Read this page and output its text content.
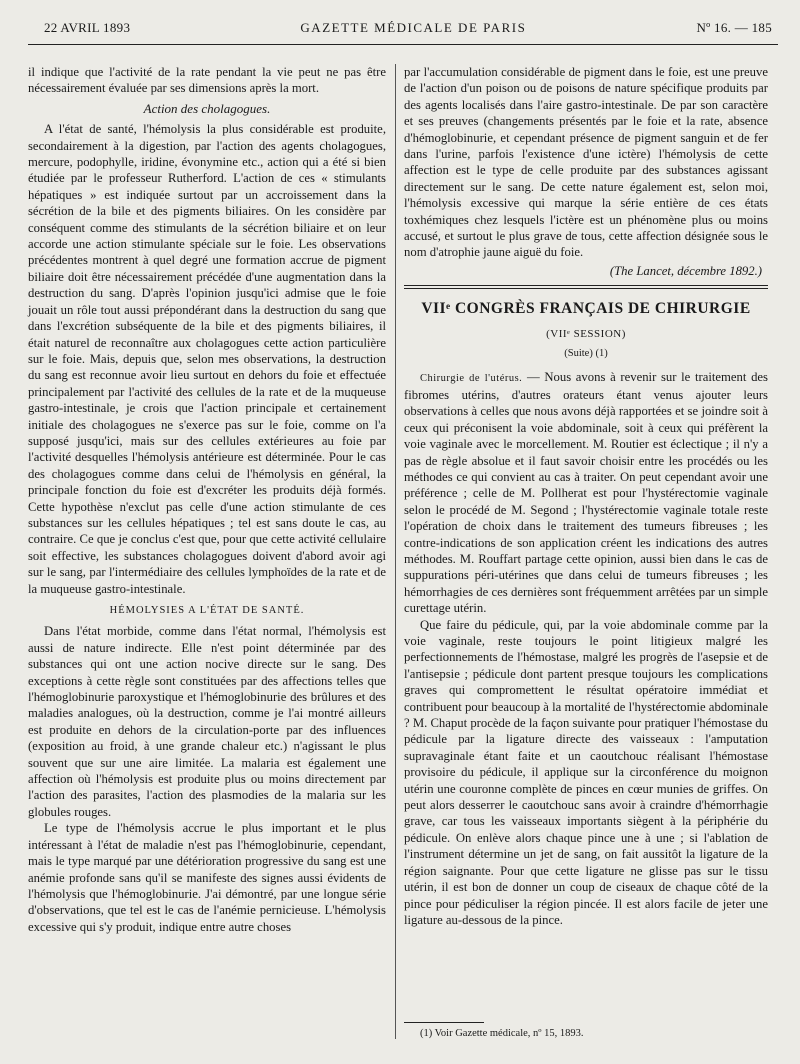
22 AVRIL 1893	GAZETTE MÉDICALE DE PARIS	Nº 16. — 185

il indique que l'activité de la rate pendant la vie peut ne pas être nécessairement évaluée par ses dimensions après la mort.

Action des cholagogues.

A l'état de santé, l'hémolysis la plus considérable est produite, secondairement à la digestion, par l'action des agents cholagogues, mercure, podophylle, iridine, évonymine etc., action qui a été si bien étudiée par le professeur Rutherford. L'action de ces « stimulants hépatiques » est indiquée surtout par un accroissement dans la sécrétion de la bile et des pigments biliaires. On les considère par conséquent comme des stimulants de la sécrétion biliaire et on leur accorde une action stimulante spéciale sur le foie. Les observations précédentes montrent à quel degré une formation accrue de pigment biliaire doit être nécessairement précédée d'une augmentation dans la destruction du sang. D'après l'opinion jusqu'ici admise que le foie jouait un rôle tout aussi prépondérant dans la destruction du sang que dans l'excrétion subséquente de la bile et des pigments biliaires, il était naturel de reconnaître aux cholagogues cette action particulière sur le foie. Mais, depuis que, selon mes observations, la destruction du sang est reconnue avoir lieu surtout en dehors du foie et effectuée principalement par l'activité des cellules de la rate et de la muqueuse gastro-intestinale, je crois que l'action principale et certainement initiale des cholagogues ne s'exerce pas sur le foie, comme on l'a supposé jusqu'ici, mais sur des cellules extérieures au foie par l'activité desquelles l'hémolysis antérieure est déterminée. Pour le cas des cholagogues comme dans celui de l'hémolysis en général, la principale fonction du foie est d'excréter les produits déjà formés. Cette hypothèse n'exclut pas celle d'une action stimulante de ces substances sur les cellules hépatiques ; tel est sans doute le cas, au contraire. Ce que je conclus c'est que, pour que cette activité cellulaire soit effective, les substances cholagogues doivent d'abord avoir agi sur le sang, par l'intermédiaire des cellules lymphoïdes de la rate et de la muqueuse gastro-intestinale.

HÉMOLYSIES A L'ÉTAT DE SANTÉ.

Dans l'état morbide, comme dans l'état normal, l'hémolysis est aussi de nature indirecte. Elle n'est point déterminée par des substances qui ont une action nocive directe sur le sang. Des exceptions à cette règle sont constituées par des affections telles que l'hémoglobinurie paroxystique et l'hémoglobinurie des brûlures et des maladies analogues, où la destruction, comme je l'ai montré ailleurs est produite en dehors de la circulation-porte par des influences (exposition au froid, à une grande chaleur etc.) n'agissant le plus souvent que sur une aire limitée. La malaria est également une affection où l'hémolysis est produite plus ou moins directement par l'action des parasites, l'action des plasmodies de la malaria sur les globules rouges.

Le type de l'hémolysis accrue le plus important et le plus intéressant à l'état de maladie n'est pas l'hémoglobinurie, cependant, mais le type marqué par une détérioration progressive du sang est une anémie profonde sans qu'il se manifeste des signes aussi évidents de l'hémolysis que l'hémoglobinurie. J'ai démontré, par une longue série d'observations, que tel est le cas de l'anémie pernicieuse. L'hémolysis excessive qui s'y produit, indique entre autre choses

par l'accumulation considérable de pigment dans le foie, est une preuve de l'action d'un poison ou de poisons de nature spécifique produits par des agents localisés dans l'aire gastro-intestinale. De par son caractère et ses preuves (changements présentés par le foie et la rate, absence d'hémoglobinurie, et cependant présence de pigment sanguin et de fer dans l'urine, parfois l'existence d'une ictère) l'hémolysis de cette affection est le type de celle produite par des substances agissant directement sur le sang. De cette nature également est, selon moi, l'hémolysis excessive qui marque la série entière de ces états toxhémiques chez lesquels l'ictère est un phénomène plus ou moins accusé, et surtout le plus grave de tous, cette affection désignée sous le nom d'atrophie jaune aiguë du foie.

(The Lancet, décembre 1892.)
VIIᵉ CONGRÈS FRANÇAIS DE CHIRURGIE
(VIIᵉ SESSION)
(Suite) (1)

Chirurgie de l'utérus. — Nous avons à revenir sur le traitement des fibromes utérins, d'autres orateurs étant venus ajouter leurs observations à celles que nous avons déjà rapportées et se joindre soit à ceux qui préconisent la voie abdominale, soit à ceux qui préfèrent la voie vaginale avec le morcellement. M. Routier est éclectique ; il n'y a pas de règle absolue et il faut savoir choisir entre les procédés ou les méthodes ce qui convient au cas à traiter. On peut cependant avoir une préférence ; celle de M. Pollherat est pour l'hystérectomie vaginale selon le procédé de M. Segond ; l'hystérectomie vaginale totale reste l'opération de choix dans le traitement des tumeurs fibreuses ; les contre-indications de son application créent les indications des autres méthodes. M. Rouffart partage cette opinion, aussi bien dans le cas de suppurations péri-utérines que dans celui de tumeurs fibreuses ; les hémorrhagies de ces dernières sont fréquemment arrêtées par un simple curettage utérin.

Que faire du pédicule, qui, par la voie abdominale comme par la voie vaginale, reste toujours le point litigieux malgré les perfectionnements de l'hémostase, malgré les progrès de l'asepsie et de l'antisepsie ; pédicule dont partent presque toujours les complications graves qui compromettent le résultat opératoire immédiat et contribuent pour beaucoup à la mortalité de l'hystérectomie abdominale ? M. Chaput procède de la façon suivante pour pratiquer l'hémostase du pédicule par la ligature directe des vaisseaux : l'amputation supravaginale étant faite et un caoutchouc réalisant l'hémostase provisoire du pédicule, il applique sur la circonférence du moignon utérin une couronne complète de pinces en cœur munies de griffes. On peut alors desserrer le caoutchouc sans avoir à craindre d'hémorrhagie grave, car tous les vaisseaux importants siègent à la périphérie du pédicule. On enlève alors chaque pince une à une ; si l'ablation de l'instrument détermine un jet de sang, on fait aussitôt la ligature de la région saignante. Pour que cette ligature ne glisse pas sur le tissu utérin, il est bon de donner un coup de ciseaux de chaque côté de la pince pour pédiculiser la région pincée. Il est alors facile de jeter une ligature au-dessous de la pince.

(1) Voir Gazette médicale, nº 15, 1893.
